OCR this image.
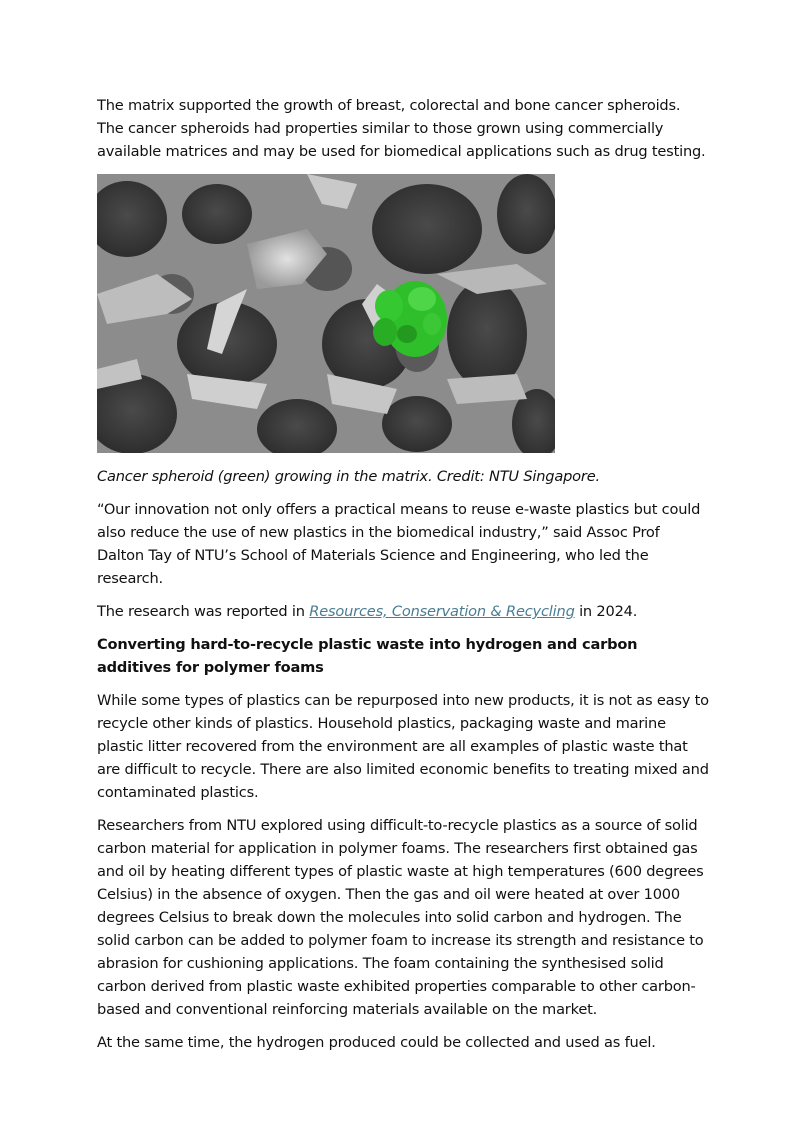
The matrix supported the growth of breast, colorectal and bone cancer spheroids. The cancer spheroids had properties similar to those grown using commercially available matrices and may be used for biomedical applications such as drug testing.

Cancer spheroid (green) growing in the matrix. Credit: NTU Singapore.

“Our innovation not only offers a practical means to reuse e-waste plastics but could also reduce the use of new plastics in the biomedical industry,” said Assoc Prof Dalton Tay of NTU’s School of Materials Science and Engineering, who led the research.

The research was reported in Resources, Conservation & Recycling in 2024.

Converting hard-to-recycle plastic waste into hydrogen and carbon additives for polymer foams

While some types of plastics can be repurposed into new products, it is not as easy to recycle other kinds of plastics. Household plastics, packaging waste and marine plastic litter recovered from the environment are all examples of plastic waste that are difficult to recycle. There are also limited economic benefits to treating mixed and contaminated plastics.

Researchers from NTU explored using difficult-to-recycle plastics as a source of solid carbon material for application in polymer foams. The researchers first obtained gas and oil by heating different types of plastic waste at high temperatures (600 degrees Celsius) in the absence of oxygen. Then the gas and oil were heated at over 1000 degrees Celsius to break down the molecules into solid carbon and hydrogen. The solid carbon can be added to polymer foam to increase its strength and resistance to abrasion for cushioning applications. The foam containing the synthesised solid carbon derived from plastic waste exhibited properties comparable to other carbon-based and conventional reinforcing materials available on the market.

At the same time, the hydrogen produced could be collected and used as fuel.
